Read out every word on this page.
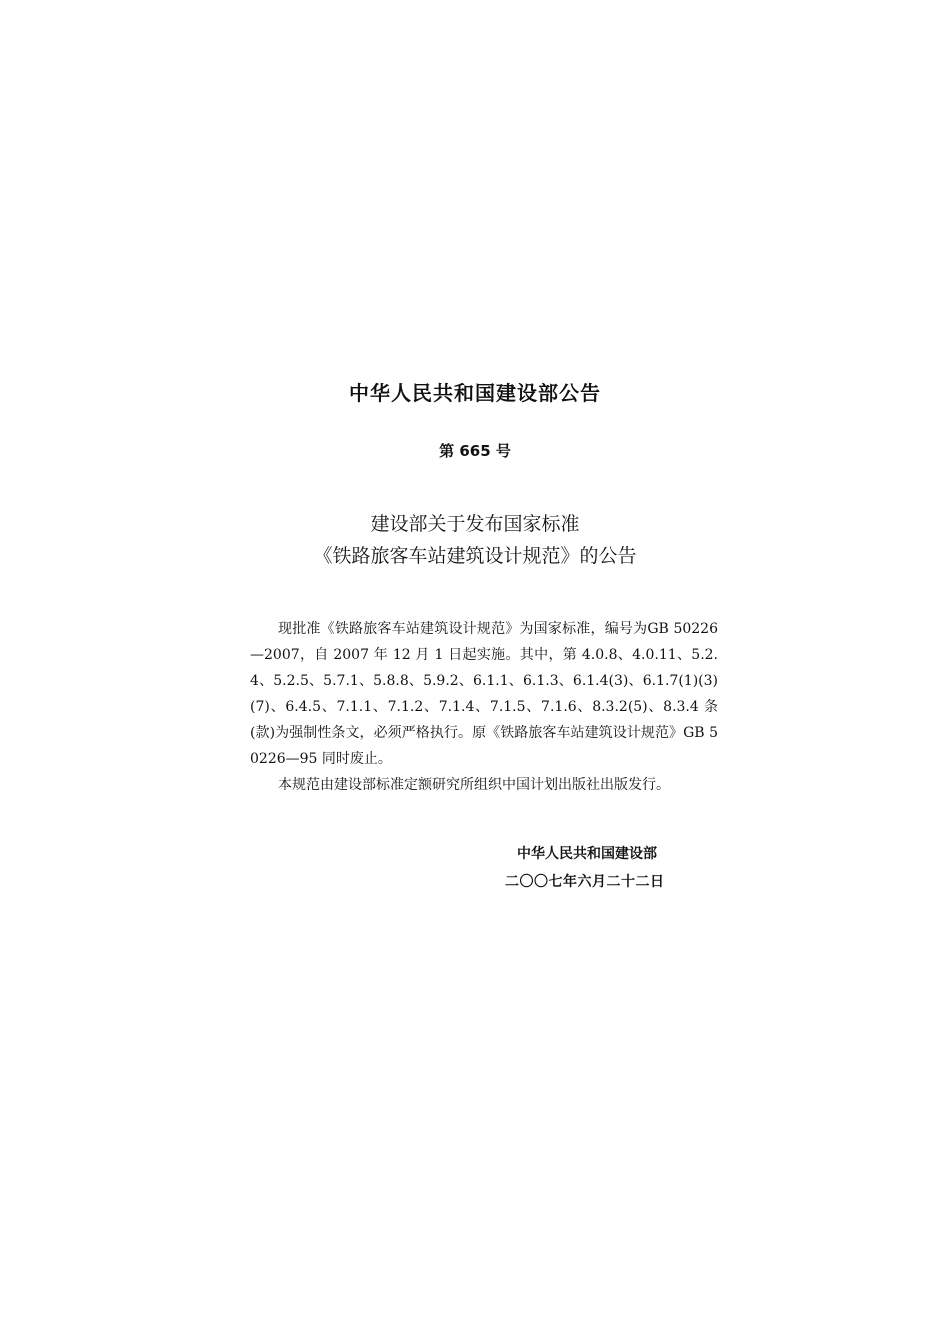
中华人民共和国建设部公告
第 665 号
建设部关于发布国家标准
《铁路旅客车站建筑设计规范》的公告

现批准《铁路旅客车站建筑设计规范》为国家标准，编号为GB 50226—2007，自 2007 年 12 月 1 日起实施。其中，第 4.0.8、4.0.11、5.2.4、5.2.5、5.7.1、5.8.8、5.9.2、6.1.1、6.1.3、6.1.4(3)、6.1.7(1)(3)(7)、6.4.5、7.1.1、7.1.2、7.1.4、7.1.5、7.1.6、8.3.2(5)、8.3.4 条(款)为强制性条文，必须严格执行。原《铁路旅客车站建筑设计规范》GB 50226—95 同时废止。

本规范由建设部标准定额研究所组织中国计划出版社出版发行。

中华人民共和国建设部
二〇〇七年六月二十二日
